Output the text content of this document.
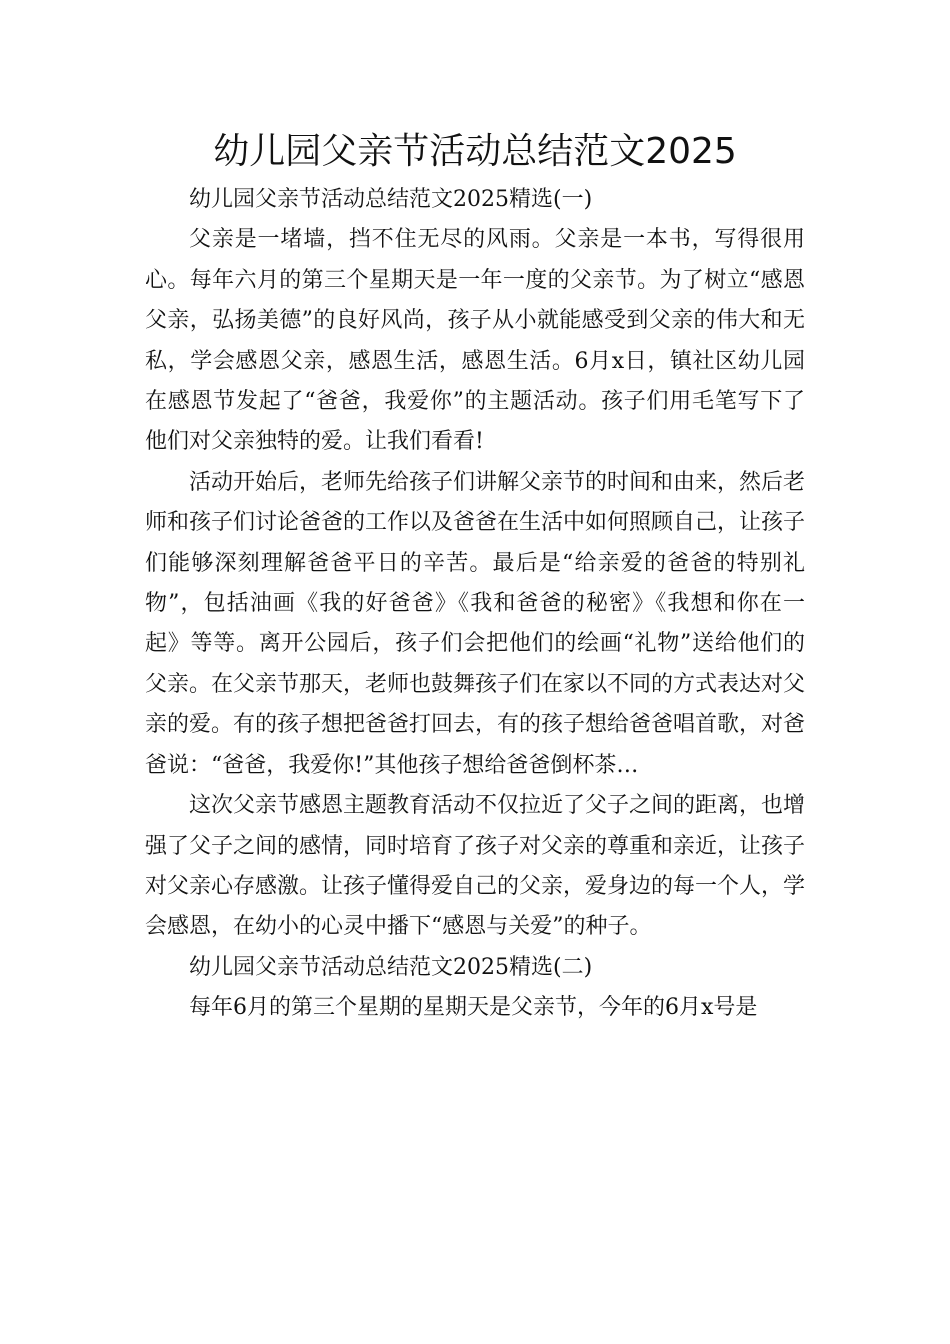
幼儿园父亲节活动总结范文2025

幼儿园父亲节活动总结范文2025精选(一)

父亲是一堵墙，挡不住无尽的风雨。父亲是一本书，写得很用心。每年六月的第三个星期天是一年一度的父亲节。为了树立“感恩父亲，弘扬美德”的良好风尚，孩子从小就能感受到父亲的伟大和无私，学会感恩父亲，感恩生活，感恩生活。6月x日，镇社区幼儿园在感恩节发起了“爸爸，我爱你”的主题活动。孩子们用毛笔写下了他们对父亲独特的爱。让我们看看!

活动开始后，老师先给孩子们讲解父亲节的时间和由来，然后老师和孩子们讨论爸爸的工作以及爸爸在生活中如何照顾自己，让孩子们能够深刻理解爸爸平日的辛苦。最后是“给亲爱的爸爸的特别礼物”，包括油画《我的好爸爸》《我和爸爸的秘密》《我想和你在一起》等等。离开公园后，孩子们会把他们的绘画“礼物”送给他们的父亲。在父亲节那天，老师也鼓舞孩子们在家以不同的方式表达对父亲的爱。有的孩子想把爸爸打回去，有的孩子想给爸爸唱首歌，对爸爸说：“爸爸，我爱你!”其他孩子想给爸爸倒杯茶…

这次父亲节感恩主题教育活动不仅拉近了父子之间的距离，也增强了父子之间的感情，同时培育了孩子对父亲的尊重和亲近，让孩子对父亲心存感激。让孩子懂得爱自己的父亲，爱身边的每一个人，学会感恩，在幼小的心灵中播下“感恩与关爱”的种子。

幼儿园父亲节活动总结范文2025精选(二)

每年6月的第三个星期的星期天是父亲节，今年的6月x号是
